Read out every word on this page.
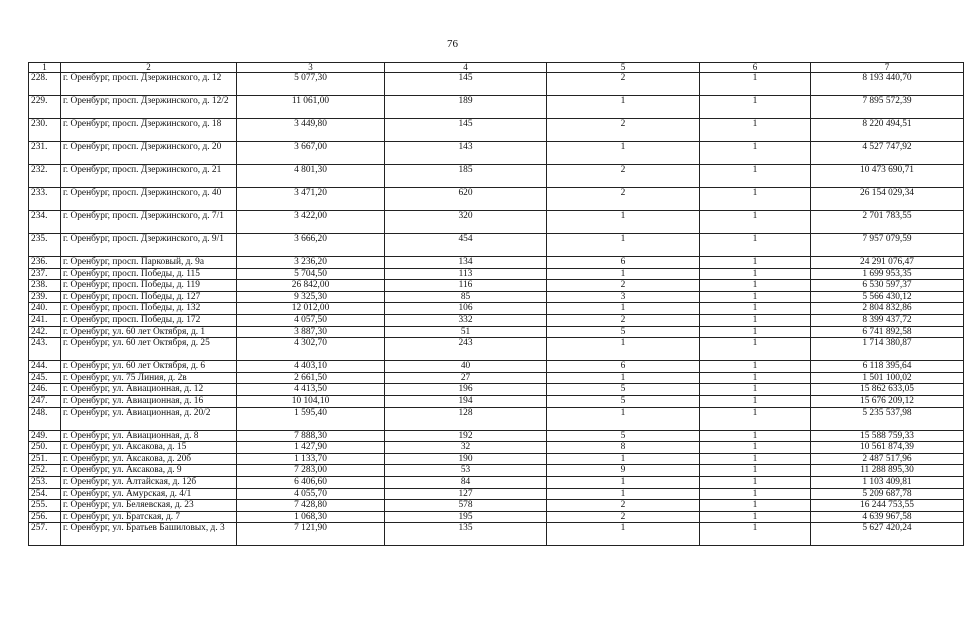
76
1	2	3	4	5	6	7
228.	г. Оренбург, просп. Дзержинского, д. 12	5 077,30	145	2	1	8 193 440,70
229.	г. Оренбург, просп. Дзержинского, д. 12/2	11 061,00	189	1	1	7 895 572,39
230.	г. Оренбург, просп. Дзержинского, д. 18	3 449,80	145	2	1	8 220 494,51
231.	г. Оренбург, просп. Дзержинского, д. 20	3 667,00	143	1	1	4 527 747,92
232.	г. Оренбург, просп. Дзержинского, д. 21	4 801,30	185	2	1	10 473 690,71
233.	г. Оренбург, просп. Дзержинского, д. 40	3 471,20	620	2	1	26 154 029,34
234.	г. Оренбург, просп. Дзержинского, д. 7/1	3 422,00	320	1	1	2 701 783,55
235.	г. Оренбург, просп. Дзержинского, д. 9/1	3 666,20	454	1	1	7 957 079,59
236.	г. Оренбург, просп. Парковый, д. 9а	3 236,20	134	6	1	24 291 076,47
237.	г. Оренбург, просп. Победы, д. 115	5 704,50	113	1	1	1 699 953,35
238.	г. Оренбург, просп. Победы, д. 119	26 842,00	116	2	1	6 530 597,37
239.	г. Оренбург, просп. Победы, д. 127	9 325,30	85	3	1	5 566 430,12
240.	г. Оренбург, просп. Победы, д. 132	12 012,00	106	1	1	2 804 832,86
241.	г. Оренбург, просп. Победы, д. 172	4 057,50	332	2	1	8 399 437,72
242.	г. Оренбург, ул. 60 лет Октября, д. 1	3 887,30	51	5	1	6 741 892,58
243.	г. Оренбург, ул. 60 лет Октября, д. 25	4 302,70	243	1	1	1 714 380,87
244.	г. Оренбург, ул. 60 лет Октября, д. 6	4 403,10	40	6	1	6 118 395,64
245.	г. Оренбург, ул. 75 Линия, д. 2в	2 661,50	27	1	1	1 501 100,02
246.	г. Оренбург, ул. Авиационная, д. 12	4 413,50	196	5	1	15 862 633,05
247.	г. Оренбург, ул. Авиационная, д. 16	10 104,10	194	5	1	15 676 209,12
248.	г. Оренбург, ул. Авиационная, д. 20/2	1 595,40	128	1	1	5 235 537,98
249.	г. Оренбург, ул. Авиационная, д. 8	7 888,30	192	5	1	15 588 759,33
250.	г. Оренбург, ул. Аксакова, д. 15	1 427,90	32	8	1	10 561 874,39
251.	г. Оренбург, ул. Аксакова, д. 20б	1 133,70	190	1	1	2 487 517,96
252.	г. Оренбург, ул. Аксакова, д. 9	7 283,00	53	9	1	11 288 895,30
253.	г. Оренбург, ул. Алтайская, д. 12б	6 406,60	84	1	1	1 103 409,81
254.	г. Оренбург, ул. Амурская, д. 4/1	4 055,70	127	1	1	5 209 687,78
255.	г. Оренбург, ул. Беляевская, д. 23	7 428,80	578	2	1	16 244 753,55
256.	г. Оренбург, ул. Братская, д. 7	1 068,30	195	2	1	4 639 967,58
257.	г. Оренбург, ул. Братьев Башиловых, д. 3	7 121,90	135	1	1	5 627 420,24
